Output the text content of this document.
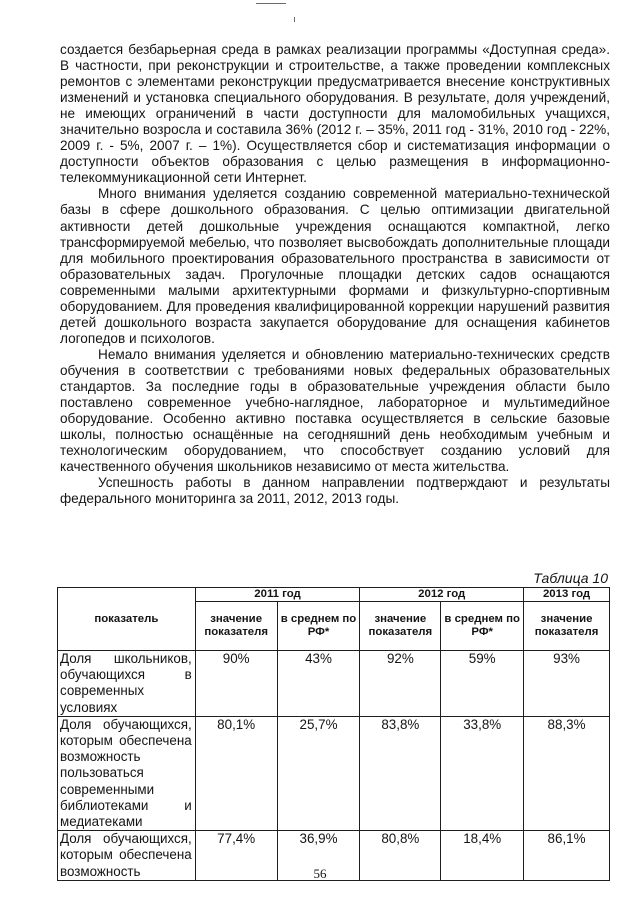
создается безбарьерная среда в рамках реализации программы «Доступная среда». В частности, при реконструкции и строительстве, а также проведении комплексных ремонтов с элементами реконструкции предусматривается внесение конструктивных изменений и установка специального оборудования. В результате, доля учреждений, не имеющих ограничений в части доступности для маломобильных учащихся, значительно возросла и составила 36% (2012 г. – 35%, 2011 год - 31%, 2010 год - 22%, 2009 г. - 5%, 2007 г. – 1%). Осуществляется сбор и систематизация информации о доступности объектов образования с целью размещения в информационно-телекоммуникационной сети Интернет.

Много внимания уделяется созданию современной материально-технической базы в сфере дошкольного образования. С целью оптимизации двигательной активности детей дошкольные учреждения оснащаются компактной, легко трансформируемой мебелью, что позволяет высвобождать дополнительные площади для мобильного проектирования образовательного пространства в зависимости от образовательных задач. Прогулочные площадки детских садов оснащаются современными малыми архитектурными формами и физкультурно-спортивным оборудованием. Для проведения квалифицированной коррекции нарушений развития детей дошкольного возраста закупается оборудование для оснащения кабинетов логопедов и психологов.

Немало внимания уделяется и обновлению материально-технических средств обучения в соответствии с требованиями новых федеральных образовательных стандартов. За последние годы в образовательные учреждения области было поставлено современное учебно-наглядное, лабораторное и мультимедийное оборудование. Особенно активно поставка осуществляется в сельские базовые школы, полностью оснащённые на сегодняшний день необходимым учебным и технологическим оборудованием, что способствует созданию условий для качественного обучения школьников независимо от места жительства.

Успешность работы в данном направлении подтверждают и результаты федерального мониторинга за 2011, 2012, 2013 годы.

Таблица 10
показатель	2011 год		2012 год		2013 год
	значение показателя	в среднем по РФ*	значение показателя	в среднем по РФ*	значение показателя
Доля школьников, обучающихся в современных условиях	90%	43%	92%	59%	93%
Доля обучающихся, которым обеспечена возможность пользоваться современными библиотеками и медиатеками	80,1%	25,7%	83,8%	33,8%	88,3%
Доля обучающихся, которым обеспечена возможность	77,4%	36,9%	80,8%	18,4%	86,1%
56
